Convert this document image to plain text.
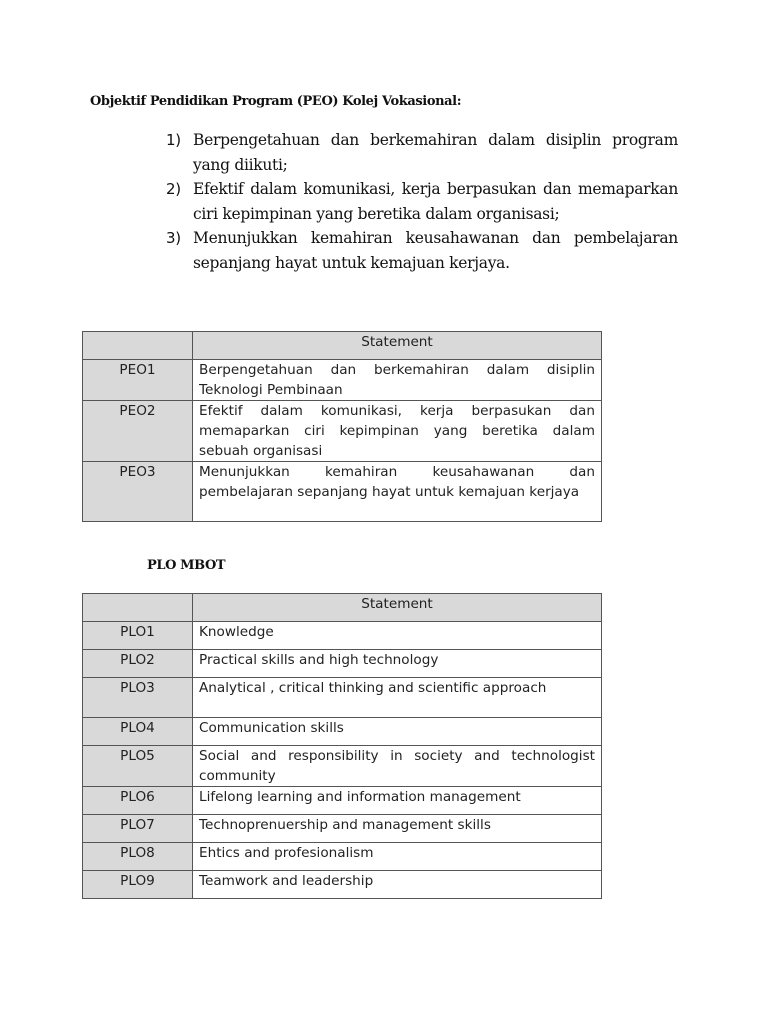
Objektif Pendidikan Program (PEO) Kolej Vokasional:
1) Berpengetahuan dan berkemahiran dalam disiplin program yang diikuti;
2) Efektif dalam komunikasi, kerja berpasukan dan memaparkan ciri kepimpinan yang beretika dalam organisasi;
3) Menunjukkan kemahiran keusahawanan dan pembelajaran sepanjang hayat untuk kemajuan kerjaya.
	Statement
PEO1	Berpengetahuan dan berkemahiran dalam disiplin Teknologi Pembinaan
PEO2	Efektif dalam komunikasi, kerja berpasukan dan memaparkan ciri kepimpinan yang beretika dalam sebuah organisasi
PEO3	Menunjukkan kemahiran keusahawanan dan pembelajaran sepanjang hayat untuk kemajuan kerjaya
PLO MBOT
	Statement
PLO1	Knowledge
PLO2	Practical skills and high technology
PLO3	Analytical , critical thinking and scientific approach
PLO4	Communication skills
PLO5	Social and responsibility in society and technologist community
PLO6	Lifelong learning and information management
PLO7	Technoprenuership and management skills
PLO8	Ehtics and profesionalism
PLO9	Teamwork and leadership
